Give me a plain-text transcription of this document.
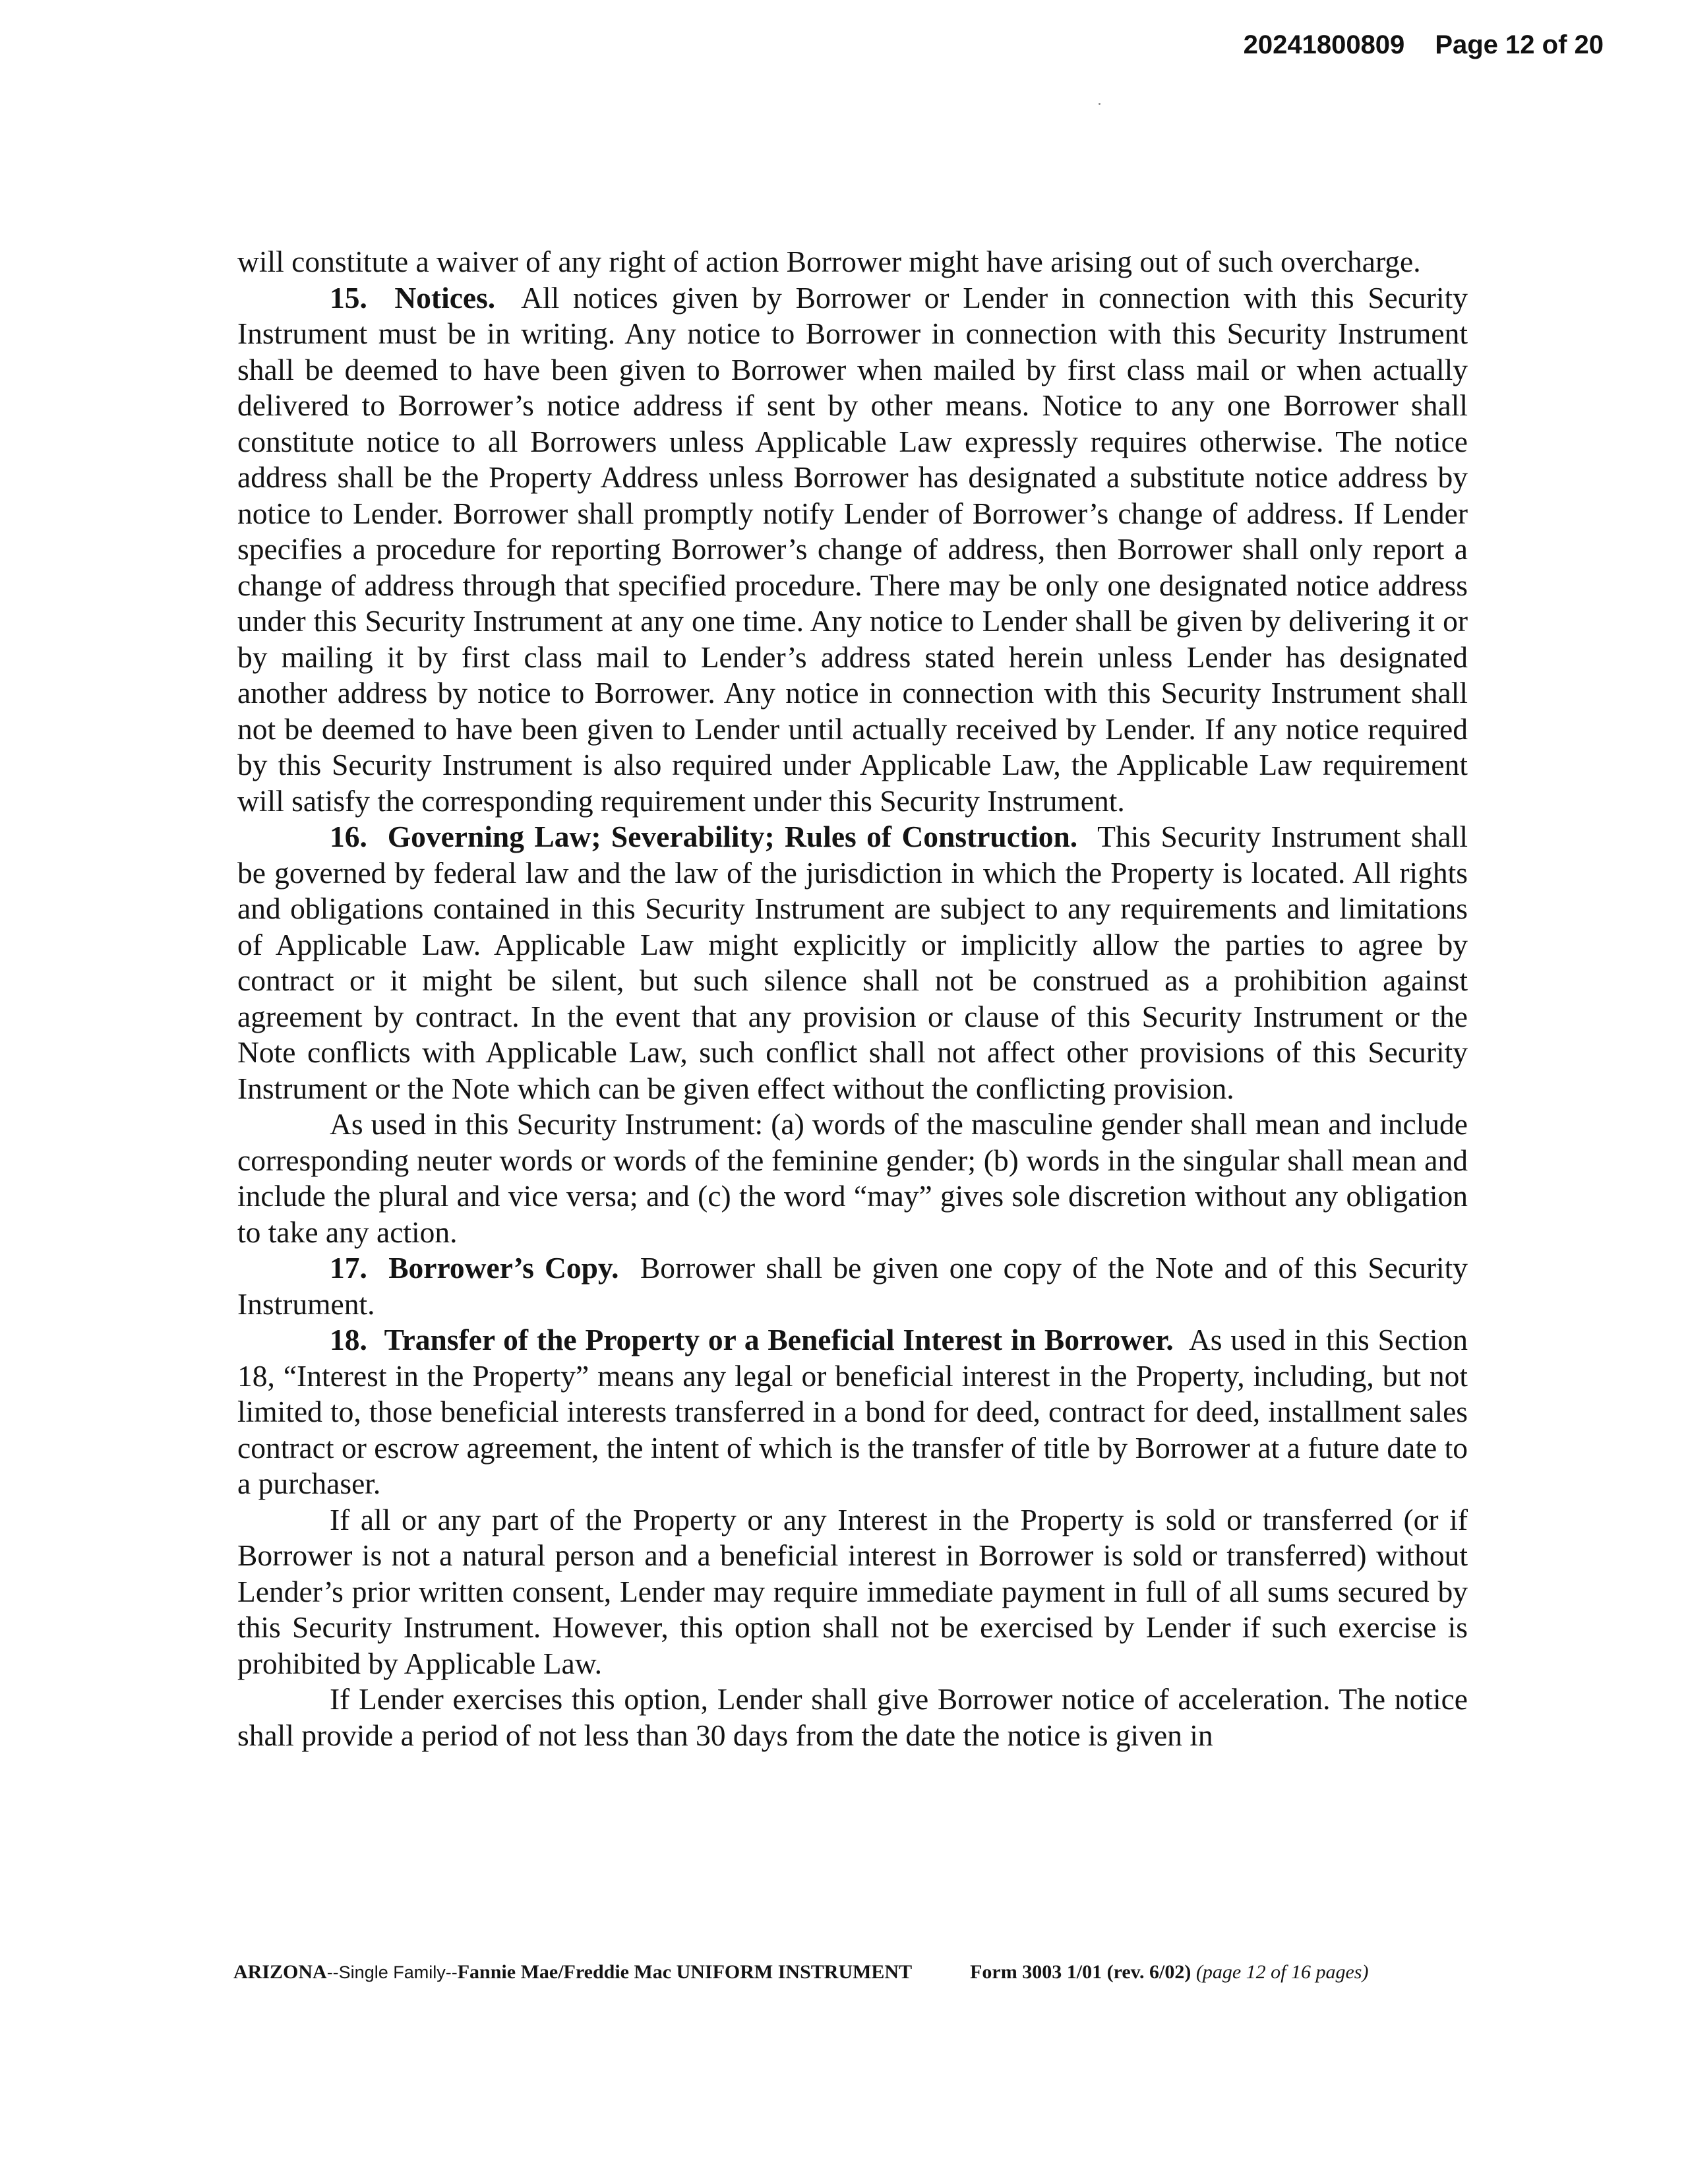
20241800809 Page 12 of 20

will constitute a waiver of any right of action Borrower might have arising out of such overcharge.

15. Notices. All notices given by Borrower or Lender in connection with this Security Instrument must be in writing. Any notice to Borrower in connection with this Security Instrument shall be deemed to have been given to Borrower when mailed by first class mail or when actually delivered to Borrower’s notice address if sent by other means. Notice to any one Borrower shall constitute notice to all Borrowers unless Applicable Law expressly requires otherwise. The notice address shall be the Property Address unless Borrower has designated a substitute notice address by notice to Lender. Borrower shall promptly notify Lender of Borrower’s change of address. If Lender specifies a procedure for reporting Borrower’s change of address, then Borrower shall only report a change of address through that specified procedure. There may be only one designated notice address under this Security Instrument at any one time. Any notice to Lender shall be given by delivering it or by mailing it by first class mail to Lender’s address stated herein unless Lender has designated another address by notice to Borrower. Any notice in connection with this Security Instrument shall not be deemed to have been given to Lender until actually received by Lender. If any notice required by this Security Instrument is also required under Applicable Law, the Applicable Law requirement will satisfy the corresponding requirement under this Security Instrument.

16. Governing Law; Severability; Rules of Construction. This Security Instrument shall be governed by federal law and the law of the jurisdiction in which the Property is located. All rights and obligations contained in this Security Instrument are subject to any requirements and limitations of Applicable Law. Applicable Law might explicitly or implicitly allow the parties to agree by contract or it might be silent, but such silence shall not be construed as a prohibition against agreement by contract. In the event that any provision or clause of this Security Instrument or the Note conflicts with Applicable Law, such conflict shall not affect other provisions of this Security Instrument or the Note which can be given effect without the conflicting provision.

As used in this Security Instrument: (a) words of the masculine gender shall mean and include corresponding neuter words or words of the feminine gender; (b) words in the singular shall mean and include the plural and vice versa; and (c) the word “may” gives sole discretion without any obligation to take any action.

17. Borrower’s Copy. Borrower shall be given one copy of the Note and of this Security Instrument.

18. Transfer of the Property or a Beneficial Interest in Borrower. As used in this Section 18, “Interest in the Property” means any legal or beneficial interest in the Property, including, but not limited to, those beneficial interests transferred in a bond for deed, contract for deed, installment sales contract or escrow agreement, the intent of which is the transfer of title by Borrower at a future date to a purchaser.

If all or any part of the Property or any Interest in the Property is sold or transferred (or if Borrower is not a natural person and a beneficial interest in Borrower is sold or transferred) without Lender’s prior written consent, Lender may require immediate payment in full of all sums secured by this Security Instrument. However, this option shall not be exercised by Lender if such exercise is prohibited by Applicable Law.

If Lender exercises this option, Lender shall give Borrower notice of acceleration. The notice shall provide a period of not less than 30 days from the date the notice is given in

ARIZONA--Single Family--Fannie Mae/Freddie Mac UNIFORM INSTRUMENT	Form 3003 1/01 (rev. 6/02) (page 12 of 16 pages)
